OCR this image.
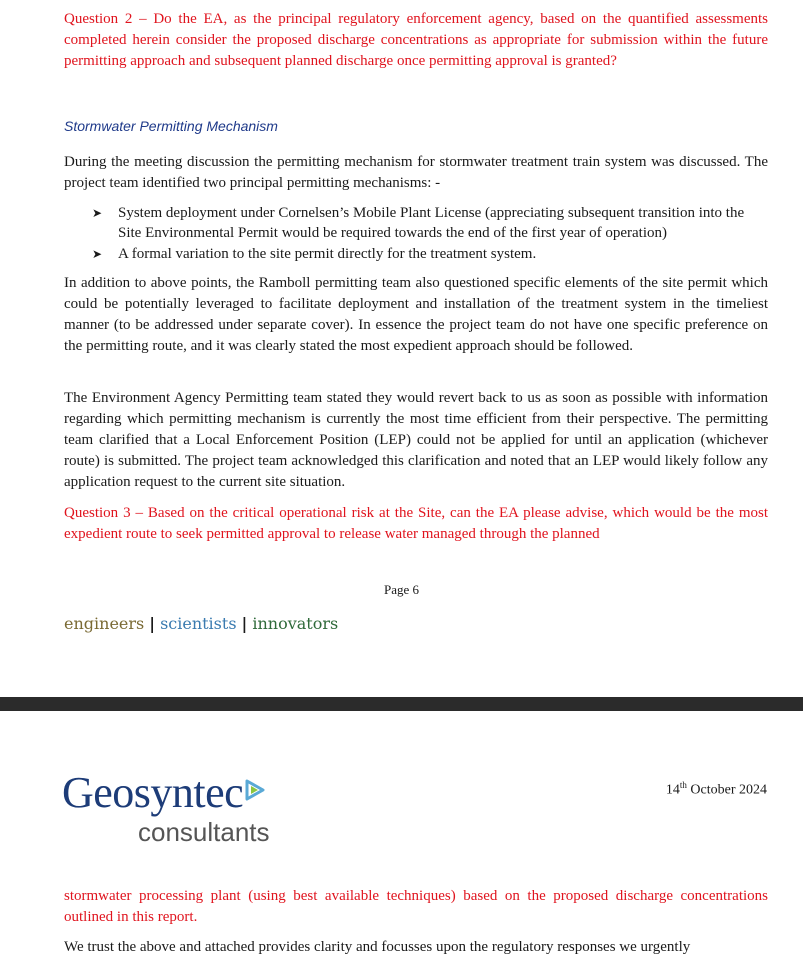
Question 2 – Do the EA, as the principal regulatory enforcement agency, based on the quantified assessments completed herein consider the proposed discharge concentrations as appropriate for submission within the future permitting approach and subsequent planned discharge once permitting approval is granted?

Stormwater Permitting Mechanism

During the meeting discussion the permitting mechanism for stormwater treatment train system was discussed. The project team identified two principal permitting mechanisms: -

➤ System deployment under Cornelsen’s Mobile Plant License (appreciating subsequent transition into the Site Environmental Permit would be required towards the end of the first year of operation)
➤ A formal variation to the site permit directly for the treatment system.

In addition to above points, the Ramboll permitting team also questioned specific elements of the site permit which could be potentially leveraged to facilitate deployment and installation of the treatment system in the timeliest manner (to be addressed under separate cover). In essence the project team do not have one specific preference on the permitting route, and it was clearly stated the most expedient approach should be followed.

The Environment Agency Permitting team stated they would revert back to us as soon as possible with information regarding which permitting mechanism is currently the most time efficient from their perspective. The permitting team clarified that a Local Enforcement Position (LEP) could not be applied for until an application (whichever route) is submitted. The project team acknowledged this clarification and noted that an LEP would likely follow any application request to the current site situation.

Question 3 – Based on the critical operational risk at the Site, can the EA please advise, which would be the most expedient route to seek permitted approval to release water managed through the planned

Page 6
engineers | scientists | innovators
Geosyntec
consultants
14th October 2024

stormwater processing plant (using best available techniques) based on the proposed discharge concentrations outlined in this report.

We trust the above and attached provides clarity and focusses upon the regulatory responses we urgently
